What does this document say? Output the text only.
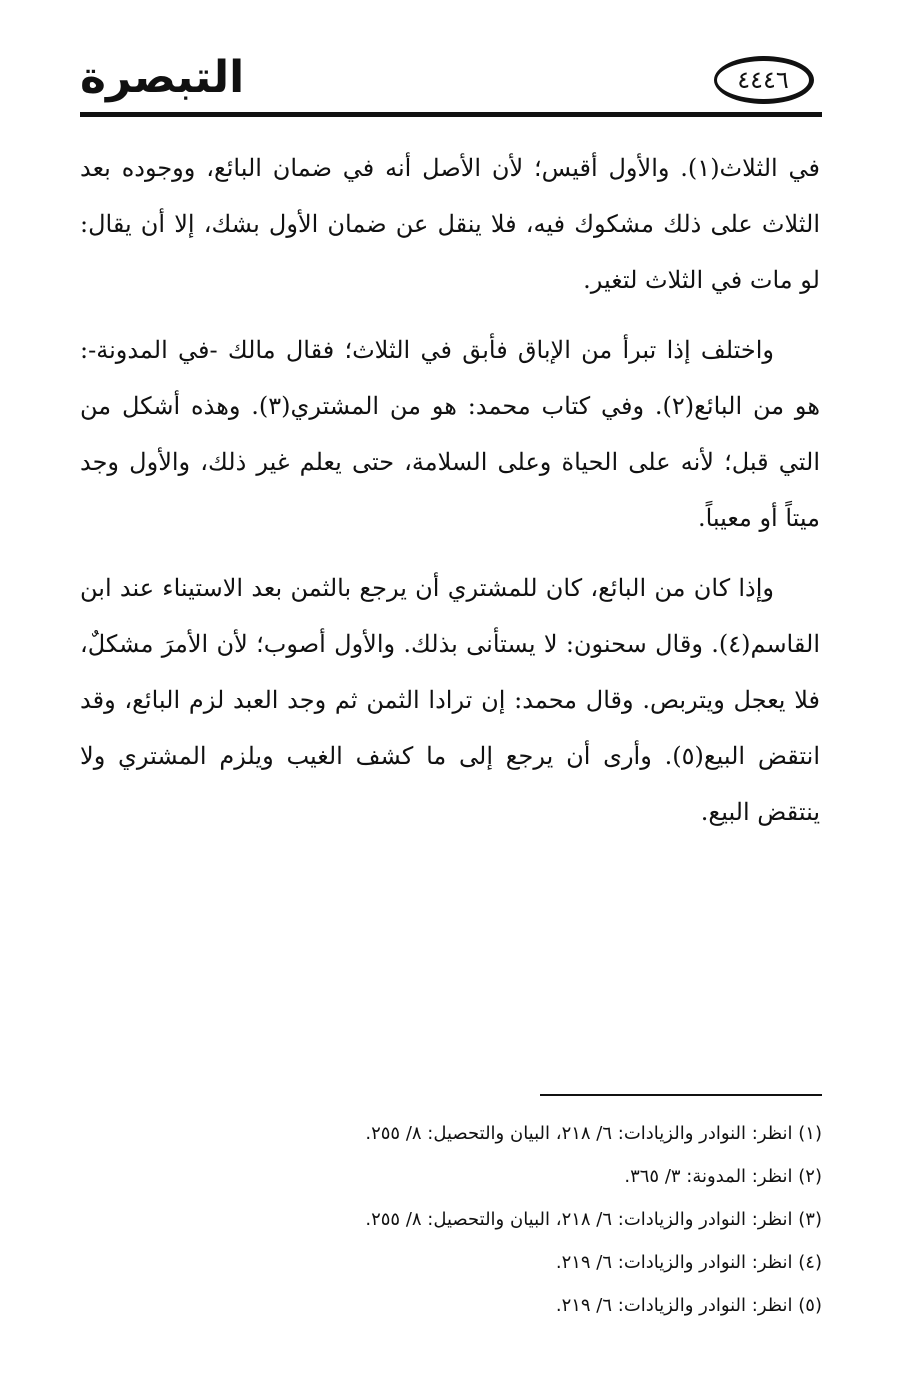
التبصرة	٤٤٤٦

في الثلاث(١). والأول أقيس؛ لأن الأصل أنه في ضمان البائع، ووجوده بعد الثلاث على ذلك مشكوك فيه، فلا ينقل عن ضمان الأول بشك، إلا أن يقال: لو مات في الثلاث لتغير.

واختلف إذا تبرأ من الإباق فأبق في الثلاث؛ فقال مالك -في المدونة-: هو من البائع(٢). وفي كتاب محمد: هو من المشتري(٣). وهذه أشكل من التي قبل؛ لأنه على الحياة وعلى السلامة، حتى يعلم غير ذلك، والأول وجد ميتاً أو معيباً.

وإذا كان من البائع، كان للمشتري أن يرجع بالثمن بعد الاستيناء عند ابن القاسم(٤). وقال سحنون: لا يستأنى بذلك. والأول أصوب؛ لأن الأمرَ مشكلٌ، فلا يعجل ويتربص. وقال محمد: إن ترادا الثمن ثم وجد العبد لزم البائع، وقد انتقض البيع(٥). وأرى أن يرجع إلى ما كشف الغيب ويلزم المشتري ولا ينتقض البيع.

(١) انظر: النوادر والزيادات: ٦/ ٢١٨، البيان والتحصيل: ٨/ ٢٥٥.
(٢) انظر: المدونة: ٣/ ٣٦٥.
(٣) انظر: النوادر والزيادات: ٦/ ٢١٨، البيان والتحصيل: ٨/ ٢٥٥.
(٤) انظر: النوادر والزيادات: ٦/ ٢١٩.
(٥) انظر: النوادر والزيادات: ٦/ ٢١٩.
